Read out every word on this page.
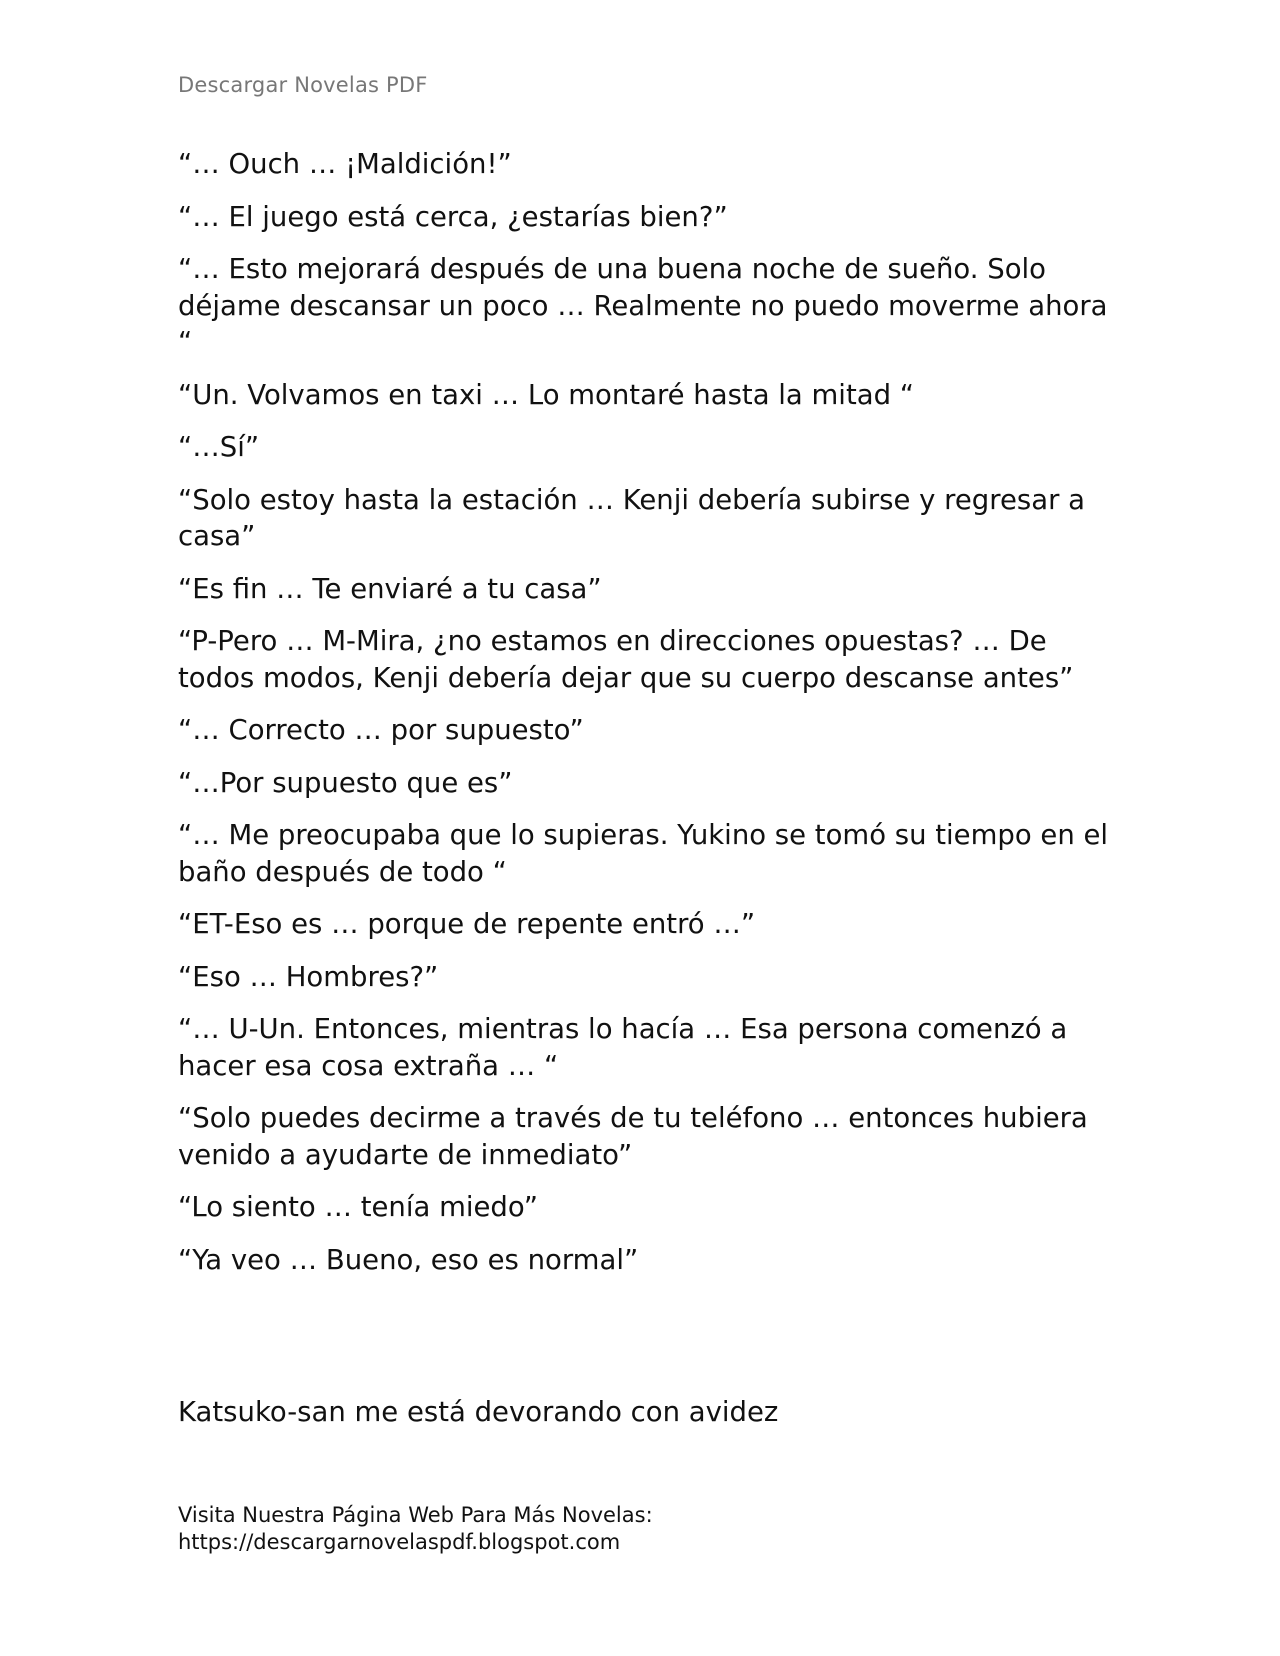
Descargar Novelas PDF

“… Ouch … ¡Maldición!”

“… El juego está cerca, ¿estarías bien?”

“… Esto mejorará después de una buena noche de sueño. Solo déjame descansar un poco … Realmente no puedo moverme ahora “

“Un. Volvamos en taxi … Lo montaré hasta la mitad “

“…Sí”

“Solo estoy hasta la estación … Kenji debería subirse y regresar a casa”

“Es fin … Te enviaré a tu casa”

“P-Pero … M-Mira, ¿no estamos en direcciones opuestas? … De todos modos, Kenji debería dejar que su cuerpo descanse antes”

“… Correcto … por supuesto”

“…Por supuesto que es”

“… Me preocupaba que lo supieras. Yukino se tomó su tiempo en el baño después de todo “

“ET-Eso es … porque de repente entró …”

“Eso … Hombres?”

“… U-Un. Entonces, mientras lo hacía … Esa persona comenzó a hacer esa cosa extraña … “

“Solo puedes decirme a través de tu teléfono … entonces hubiera venido a ayudarte de inmediato”

“Lo siento … tenía miedo”

“Ya veo … Bueno, eso es normal”

Katsuko-san me está devorando con avidez
Visita Nuestra Página Web Para Más Novelas:
https://descargarnovelaspdf.blogspot.com
